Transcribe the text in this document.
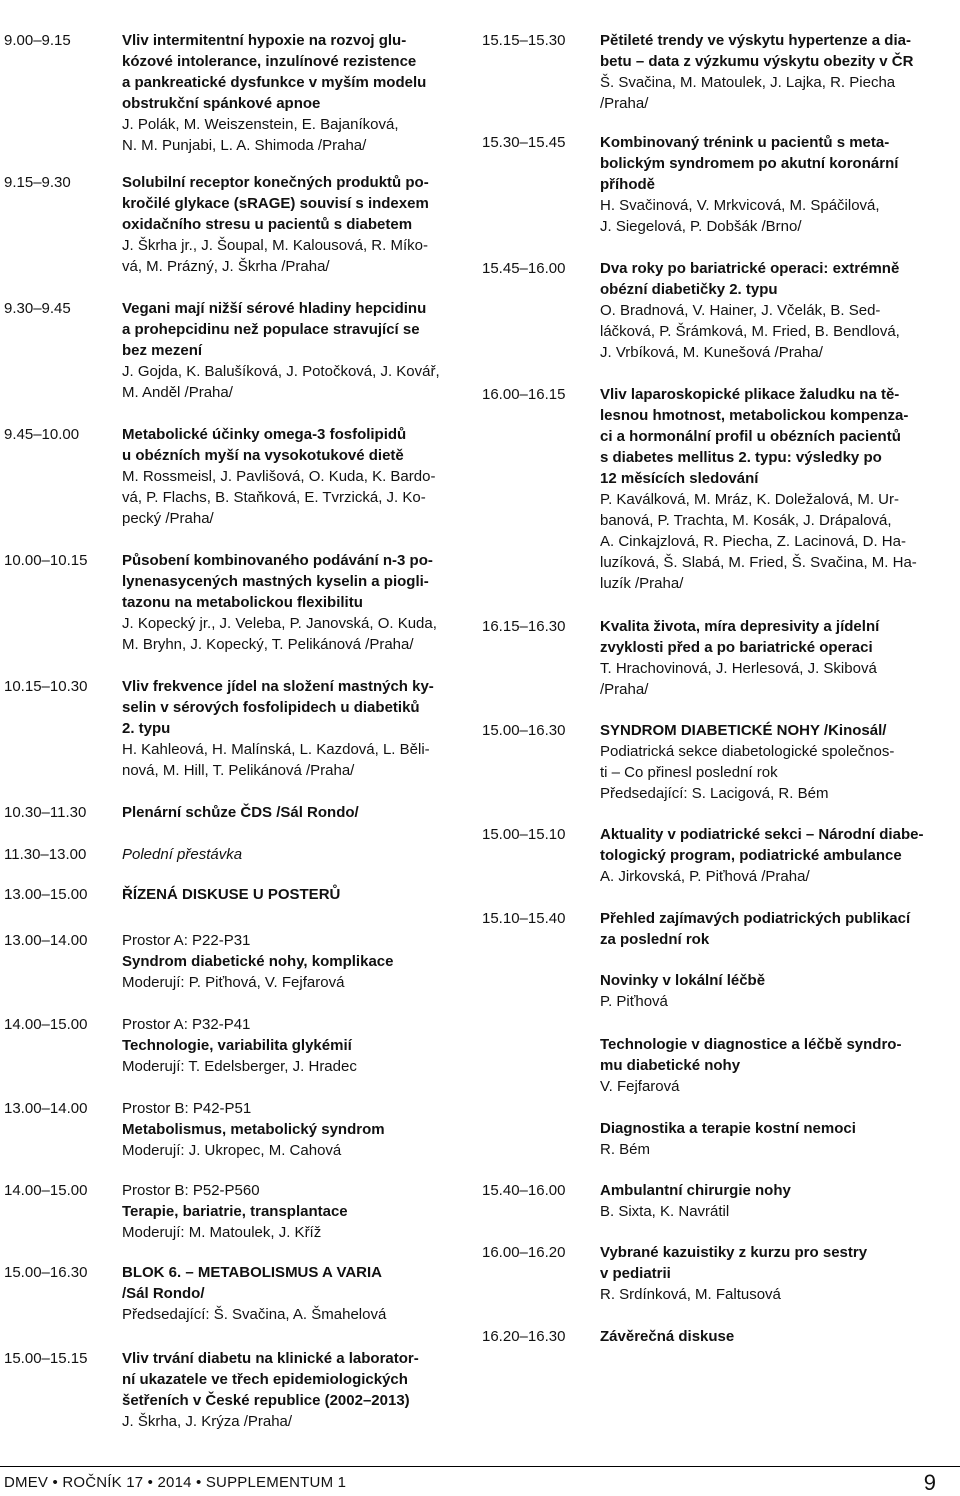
9.00–9.15	Vliv intermitentní hypoxie na rozvoj glu-
kózové intolerance, inzulínové rezistence
a pankreatické dysfunkce v myším modelu
obstrukční spánkové apnoe
J. Polák, M. Weiszenstein, E. Bajaníková,
N. M. Punjabi, L. A. Shimoda /Praha/
9.15–9.30	Solubilní receptor konečných produktů po-
kročilé glykace (sRAGE) souvisí s indexem
oxidačního stresu u pacientů s diabetem
J. Škrha jr., J. Šoupal, M. Kalousová, R. Míko-
vá, M. Prázný, J. Škrha /Praha/
9.30–9.45	Vegani mají nižší sérové hladiny hepcidinu
a prohepcidinu než populace stravující se
bez mezení
J. Gojda, K. Balušíková, J. Potočková, J. Kovář,
M. Anděl /Praha/
9.45–10.00	Metabolické účinky omega-3 fosfolipidů
u obézních myší na vysokotukové dietě
M. Rossmeisl, J. Pavlišová, O. Kuda, K. Bardo-
vá, P. Flachs, B. Staňková, E. Tvrzická, J. Ko-
pecký /Praha/
10.00–10.15	Působení kombinovaného podávání n-3 po-
lynenasycených mastných kyselin a piogli-
tazonu na metabolickou flexibilitu
J. Kopecký jr., J. Veleba, P. Janovská, O. Kuda,
M. Bryhn, J. Kopecký, T. Pelikánová /Praha/
10.15–10.30	Vliv frekvence jídel na složení mastných ky-
selin v sérových fosfolipidech u diabetiků
2. typu
H. Kahleová, H. Malínská, L. Kazdová, L. Běli-
nová, M. Hill, T. Pelikánová /Praha/
10.30–11.30	Plenární schůze ČDS /Sál Rondo/
11.30–13.00	Polední přestávka
13.00–15.00	ŘÍZENÁ DISKUSE U POSTERŮ
13.00–14.00	Prostor A: P22-P31
Syndrom diabetické nohy, komplikace
Moderují: P. Piťhová, V. Fejfarová
14.00–15.00	Prostor A: P32-P41
Technologie, variabilita glykémií
Moderují: T. Edelsberger, J. Hradec
13.00–14.00	Prostor B: P42-P51
Metabolismus, metabolický syndrom
Moderují: J. Ukropec, M. Cahová
14.00–15.00	Prostor B: P52-P560
Terapie, bariatrie, transplantace
Moderují: M. Matoulek, J. Kříž
15.00–16.30	BLOK 6. – METABOLISMUS A VARIA
/Sál Rondo/
Předsedající: Š. Svačina, A. Šmahelová
15.00–15.15	Vliv trvání diabetu na klinické a laborator-
ní ukazatele ve třech epidemiologických
šetřeních v České republice (2002–2013)
J. Škrha, J. Krýza /Praha/
15.15–15.30	Pětileté trendy ve výskytu hypertenze a dia-
betu – data z výzkumu výskytu obezity v ČR
Š. Svačina, M. Matoulek, J. Lajka, R. Piecha
/Praha/
15.30–15.45	Kombinovaný trénink u pacientů s meta-
bolickým syndromem po akutní koronární
příhodě
H. Svačinová, V. Mrkvicová, M. Spáčilová,
J. Siegelová, P. Dobšák /Brno/
15.45–16.00	Dva roky po bariatrické operaci: extrémně
obézní diabetičky 2. typu
O. Bradnová, V. Hainer, J. Včelák, B. Sed-
láčková, P. Šrámková, M. Fried, B. Bendlová,
J. Vrbíková, M. Kunešová /Praha/
16.00–16.15	Vliv laparoskopické plikace žaludku na tě-
lesnou hmotnost, metabolickou kompenza-
ci a hormonální profil u obézních pacientů
s diabetes mellitus 2. typu: výsledky po
12 měsících sledování
P. Kaválková, M. Mráz, K. Doležalová, M. Ur-
banová, P. Trachta, M. Kosák, J. Drápalová,
A. Cinkajzlová, R. Piecha, Z. Lacinová, D. Ha-
luzíková, Š. Slabá, M. Fried, Š. Svačina, M. Ha-
luzík /Praha/
16.15–16.30	Kvalita života, míra depresivity a jídelní
zvyklosti před a po bariatrické operaci
T. Hrachovinová, J. Herlesová, J. Skibová
/Praha/
15.00–16.30	SYNDROM DIABETICKÉ NOHY /Kinosál/
Podiatrická sekce diabetologické společnos-
ti – Co přinesl poslední rok
Předsedající: S. Lacigová, R. Bém
15.00–15.10	Aktuality v podiatrické sekci – Národní diabe-
tologický program, podiatrické ambulance
A. Jirkovská, P. Piťhová /Praha/
15.10–15.40	Přehled zajímavých podiatrických publikací
za poslední rok
Novinky v lokální léčbě
P. Piťhová
Technologie v diagnostice a léčbě syndro-
mu diabetické nohy
V. Fejfarová
Diagnostika a terapie kostní nemoci
R. Bém
15.40–16.00	Ambulantní chirurgie nohy
B. Sixta, K. Navrátil
16.00–16.20	Vybrané kazuistiky z kurzu pro sestry
v pediatrii
R. Srdínková, M. Faltusová
16.20–16.30	Závěrečná diskuse
DMEV • ROČNÍK 17 • 2014 • SUPPLEMENTUM 1	9
